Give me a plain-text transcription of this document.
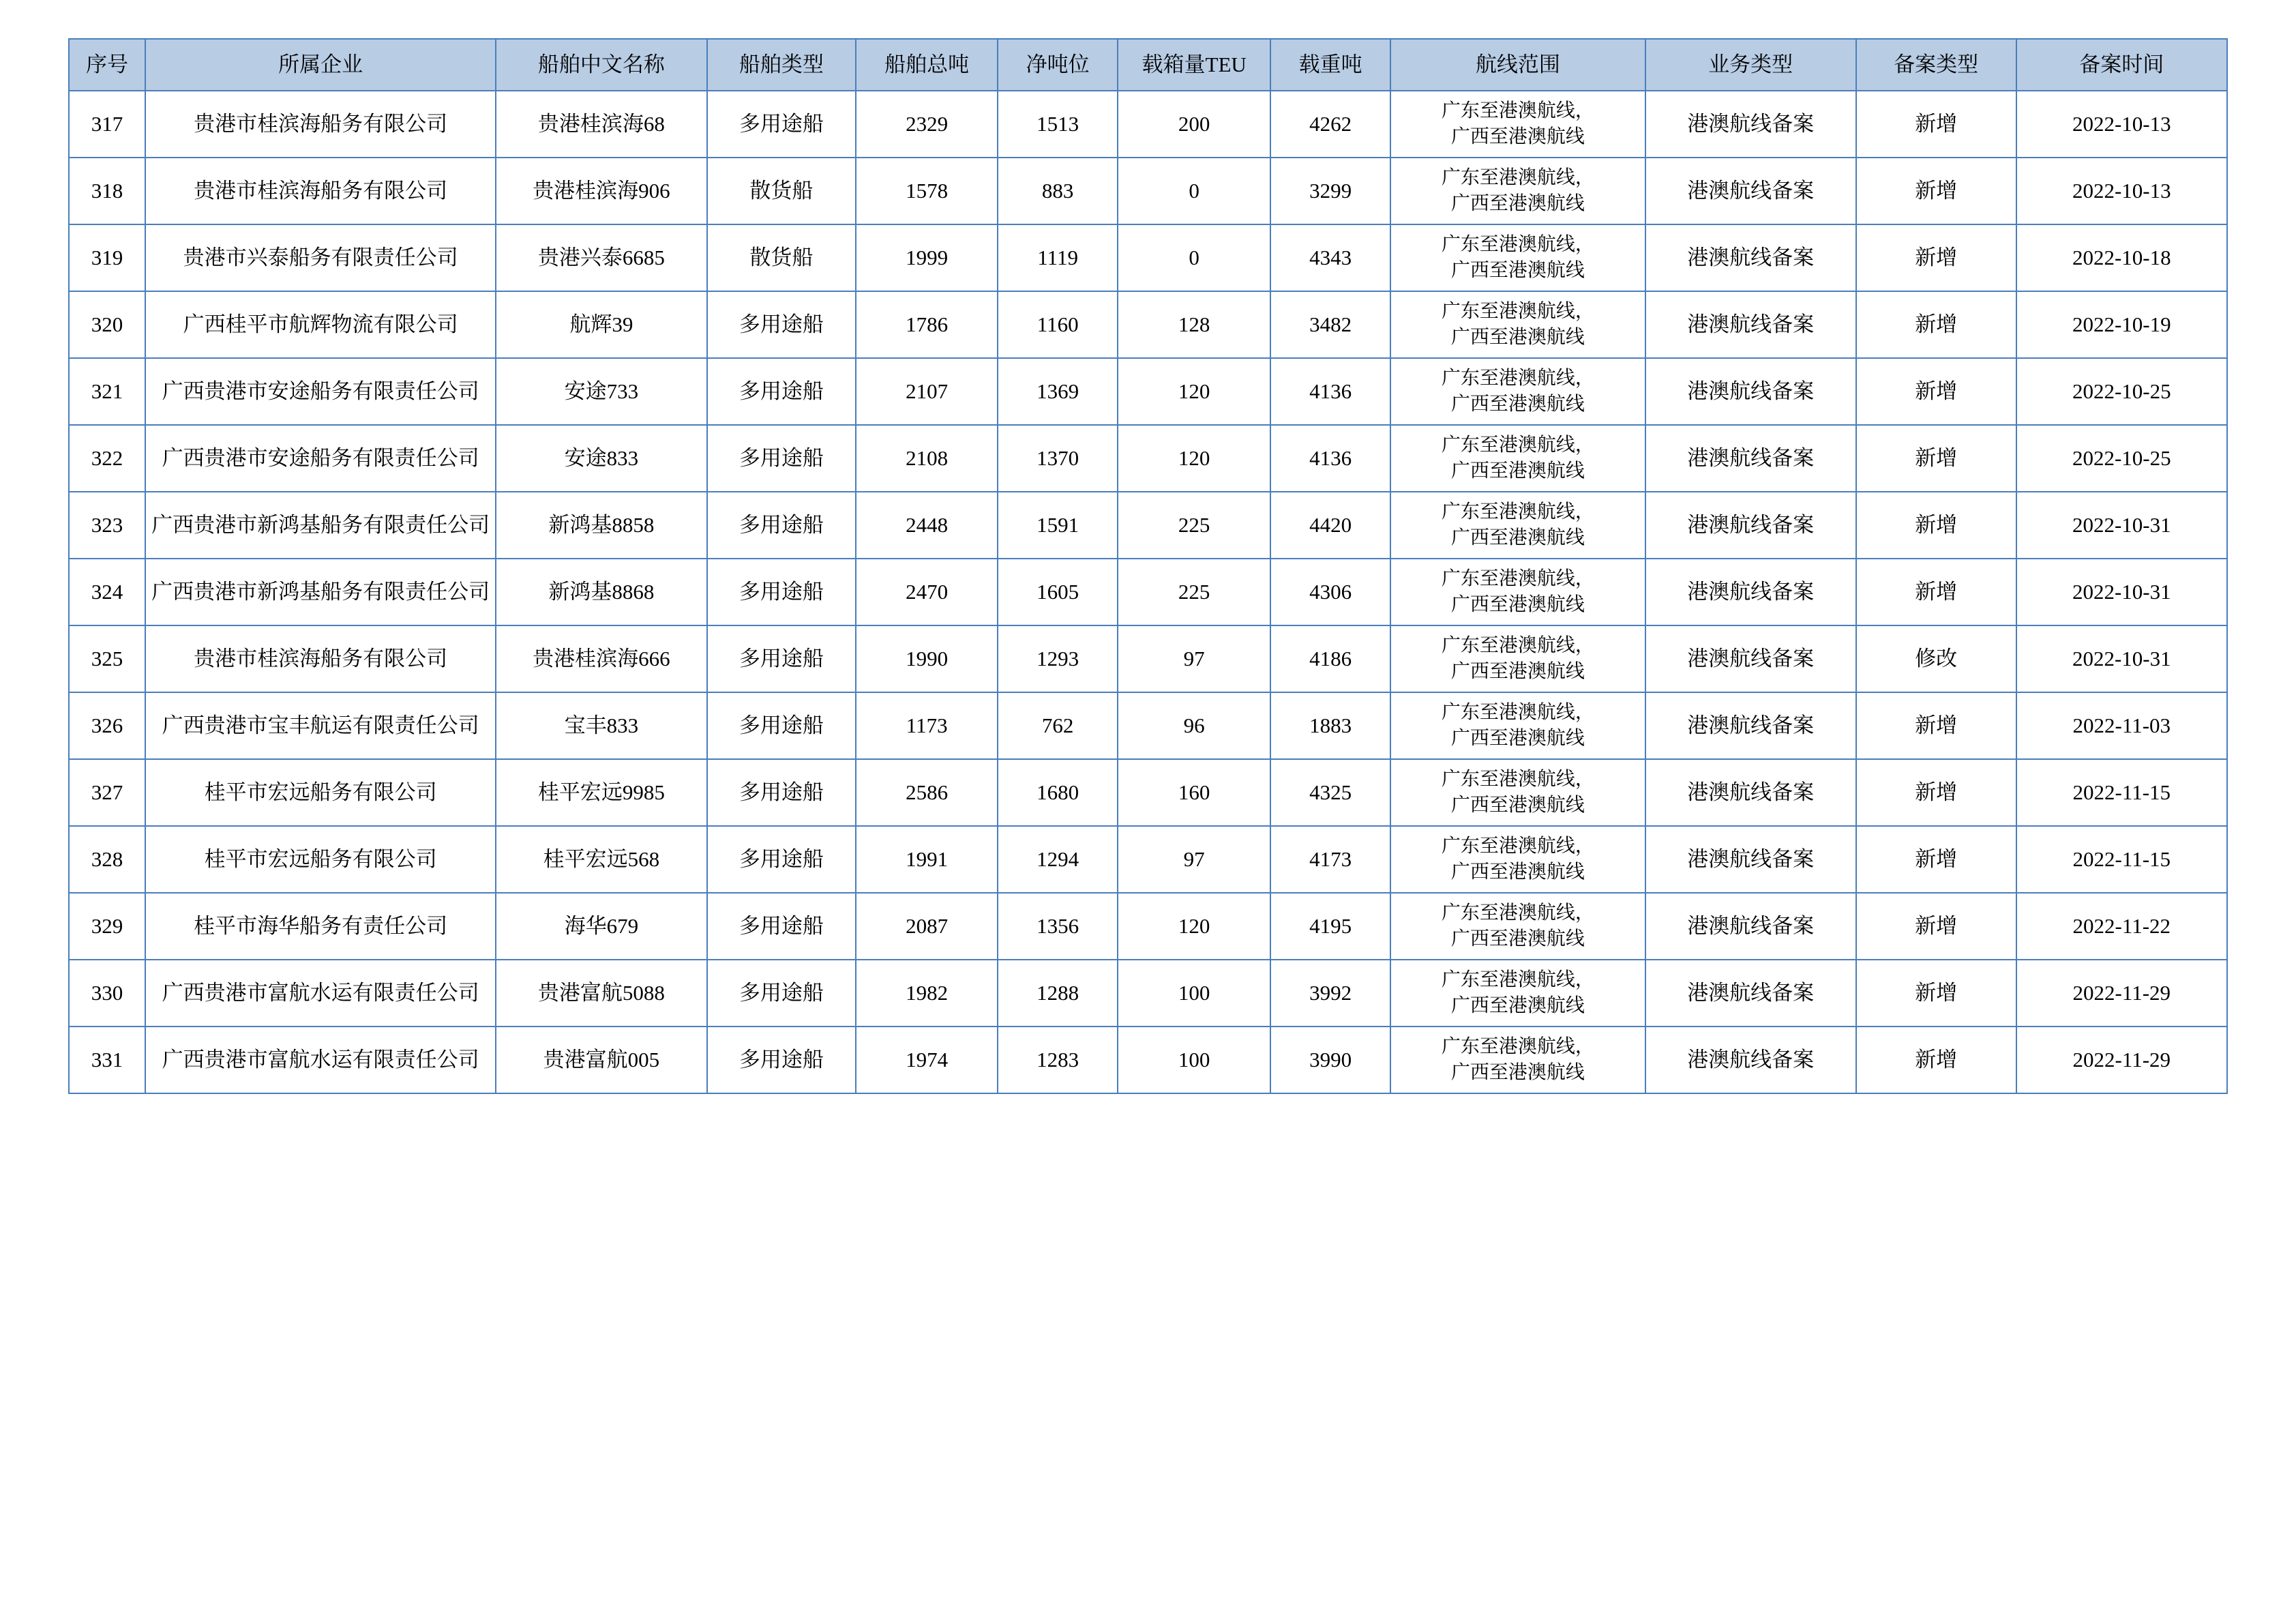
序号	所属企业	船舶中文名称	船舶类型	船舶总吨	净吨位	载箱量TEU	载重吨	航线范围	业务类型	备案类型	备案时间
317	贵港市桂滨海船务有限公司	贵港桂滨海68	多用途船	2329	1513	200	4262	广东至港澳航线，
广西至港澳航线	港澳航线备案	新增	2022-10-13
318	贵港市桂滨海船务有限公司	贵港桂滨海906	散货船	1578	883	0	3299	广东至港澳航线，
广西至港澳航线	港澳航线备案	新增	2022-10-13
319	贵港市兴泰船务有限责任公司	贵港兴泰6685	散货船	1999	1119	0	4343	广东至港澳航线，
广西至港澳航线	港澳航线备案	新增	2022-10-18
320	广西桂平市航辉物流有限公司	航辉39	多用途船	1786	1160	128	3482	广东至港澳航线，
广西至港澳航线	港澳航线备案	新增	2022-10-19
321	广西贵港市安途船务有限责任公司	安途733	多用途船	2107	1369	120	4136	广东至港澳航线，
广西至港澳航线	港澳航线备案	新增	2022-10-25
322	广西贵港市安途船务有限责任公司	安途833	多用途船	2108	1370	120	4136	广东至港澳航线，
广西至港澳航线	港澳航线备案	新增	2022-10-25
323	广西贵港市新鸿基船务有限责任公司	新鸿基8858	多用途船	2448	1591	225	4420	广东至港澳航线，
广西至港澳航线	港澳航线备案	新增	2022-10-31
324	广西贵港市新鸿基船务有限责任公司	新鸿基8868	多用途船	2470	1605	225	4306	广东至港澳航线，
广西至港澳航线	港澳航线备案	新增	2022-10-31
325	贵港市桂滨海船务有限公司	贵港桂滨海666	多用途船	1990	1293	97	4186	广东至港澳航线，
广西至港澳航线	港澳航线备案	修改	2022-10-31
326	广西贵港市宝丰航运有限责任公司	宝丰833	多用途船	1173	762	96	1883	广东至港澳航线，
广西至港澳航线	港澳航线备案	新增	2022-11-03
327	桂平市宏远船务有限公司	桂平宏远9985	多用途船	2586	1680	160	4325	广东至港澳航线，
广西至港澳航线	港澳航线备案	新增	2022-11-15
328	桂平市宏远船务有限公司	桂平宏远568	多用途船	1991	1294	97	4173	广东至港澳航线，
广西至港澳航线	港澳航线备案	新增	2022-11-15
329	桂平市海华船务有责任公司	海华679	多用途船	2087	1356	120	4195	广东至港澳航线，
广西至港澳航线	港澳航线备案	新增	2022-11-22
330	广西贵港市富航水运有限责任公司	贵港富航5088	多用途船	1982	1288	100	3992	广东至港澳航线，
广西至港澳航线	港澳航线备案	新增	2022-11-29
331	广西贵港市富航水运有限责任公司	贵港富航005	多用途船	1974	1283	100	3990	广东至港澳航线，
广西至港澳航线	港澳航线备案	新增	2022-11-29
